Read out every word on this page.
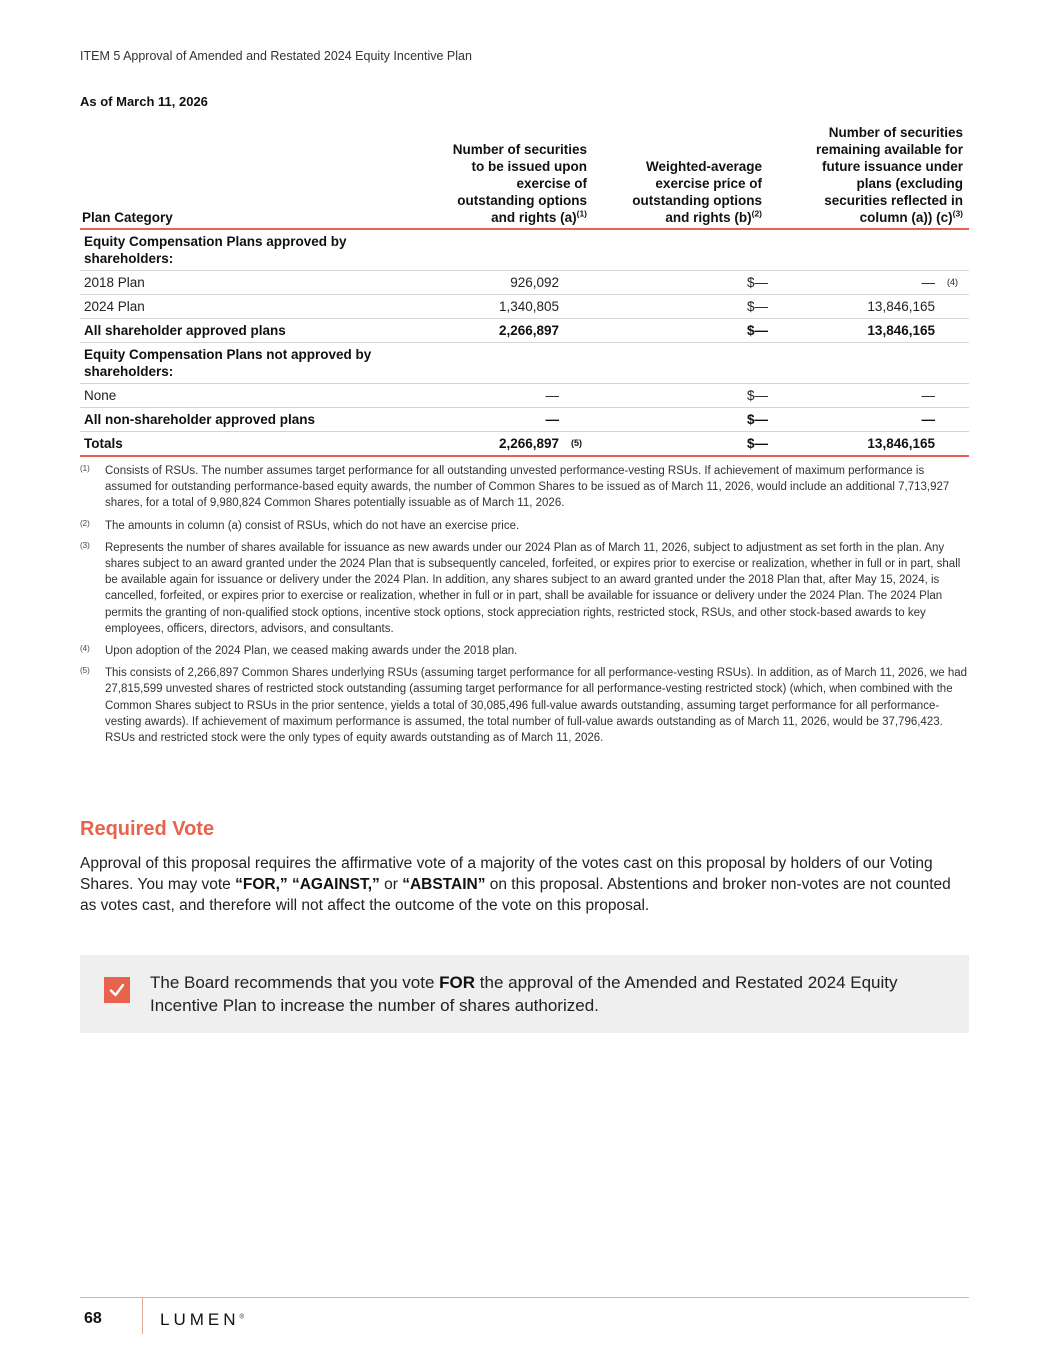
ITEM 5 Approval of Amended and Restated 2024 Equity Incentive Plan
As of March 11, 2026
Plan Category	
Number of securities
to be issued upon
exercise of
outstanding options
and rights $(a)^{(1)}$

Weighted-average
exercise price of
outstanding options
and rights $(b)^{(2)}$

Number of securities
remaining available for
future issuance under
plans (excluding
securities reflected in
column (a)) $(c)^{(3)}$

Equity Compensation Plans approved by shareholders:					
2018 Plan	926,092		$—	—	(4)
2024 Plan	1,340,805		$—	13,846,165	
All shareholder approved plans	2,266,897		$—	13,846,165	
Equity Compensation Plans not approved by shareholders:					
None	—		$—	—	
All non-shareholder approved plans	—		$—	—	
Totals	2,266,897	(5)	$—	13,846,165	
(1)	Consists of RSUs. The number assumes target performance for all outstanding unvested performance-vesting RSUs. If achievement of maximum performance is assumed for outstanding performance-based equity awards, the number of Common Shares to be issued as of March 11, 2026, would include an additional 7,713,927 shares, for a total of 9,980,824 Common Shares potentially issuable as of March 11, 2026.
(2)	The amounts in column (a) consist of RSUs, which do not have an exercise price.
(3)	Represents the number of shares available for issuance as new awards under our 2024 Plan as of March 11, 2026, subject to adjustment as set forth in the plan. Any shares subject to an award granted under the 2024 Plan that is subsequently canceled, forfeited, or expires prior to exercise or realization, whether in full or in part, shall be available again for issuance or delivery under the 2024 Plan. In addition, any shares subject to an award granted under the 2018 Plan that, after May 15, 2024, is cancelled, forfeited, or expires prior to exercise or realization, whether in full or in part, shall be available for issuance or delivery under the 2024 Plan. The 2024 Plan permits the granting of non-qualified stock options, incentive stock options, stock appreciation rights, restricted stock, RSUs, and other stock-based awards to key employees, officers, directors, advisors, and consultants.
(4)	Upon adoption of the 2024 Plan, we ceased making awards under the 2018 plan.
(5)	This consists of 2,266,897 Common Shares underlying RSUs (assuming target performance for all performance-vesting RSUs). In addition, as of March 11, 2026, we had 27,815,599 unvested shares of restricted stock outstanding (assuming target performance for all performance-vesting restricted stock) (which, when combined with the Common Shares subject to RSUs in the prior sentence, yields a total of 30,085,496 full-value awards outstanding, assuming target performance for all performance-vesting awards). If achievement of maximum performance is assumed, the total number of full-value awards outstanding as of March 11, 2026, would be 37,796,423. RSUs and restricted stock were the only types of equity awards outstanding as of March 11, 2026.
Required Vote
Approval of this proposal requires the affirmative vote of a majority of the votes cast on this proposal by holders of our Voting Shares. You may vote “FOR,” “AGAINST,” or “ABSTAIN” on this proposal. Abstentions and broker non-votes are not counted as votes cast, and therefore will not affect the outcome of the vote on this proposal.
The Board recommends that you vote FOR the approval of the Amended and Restated 2024 Equity Incentive Plan to increase the number of shares authorized.
68	LUMEN®
